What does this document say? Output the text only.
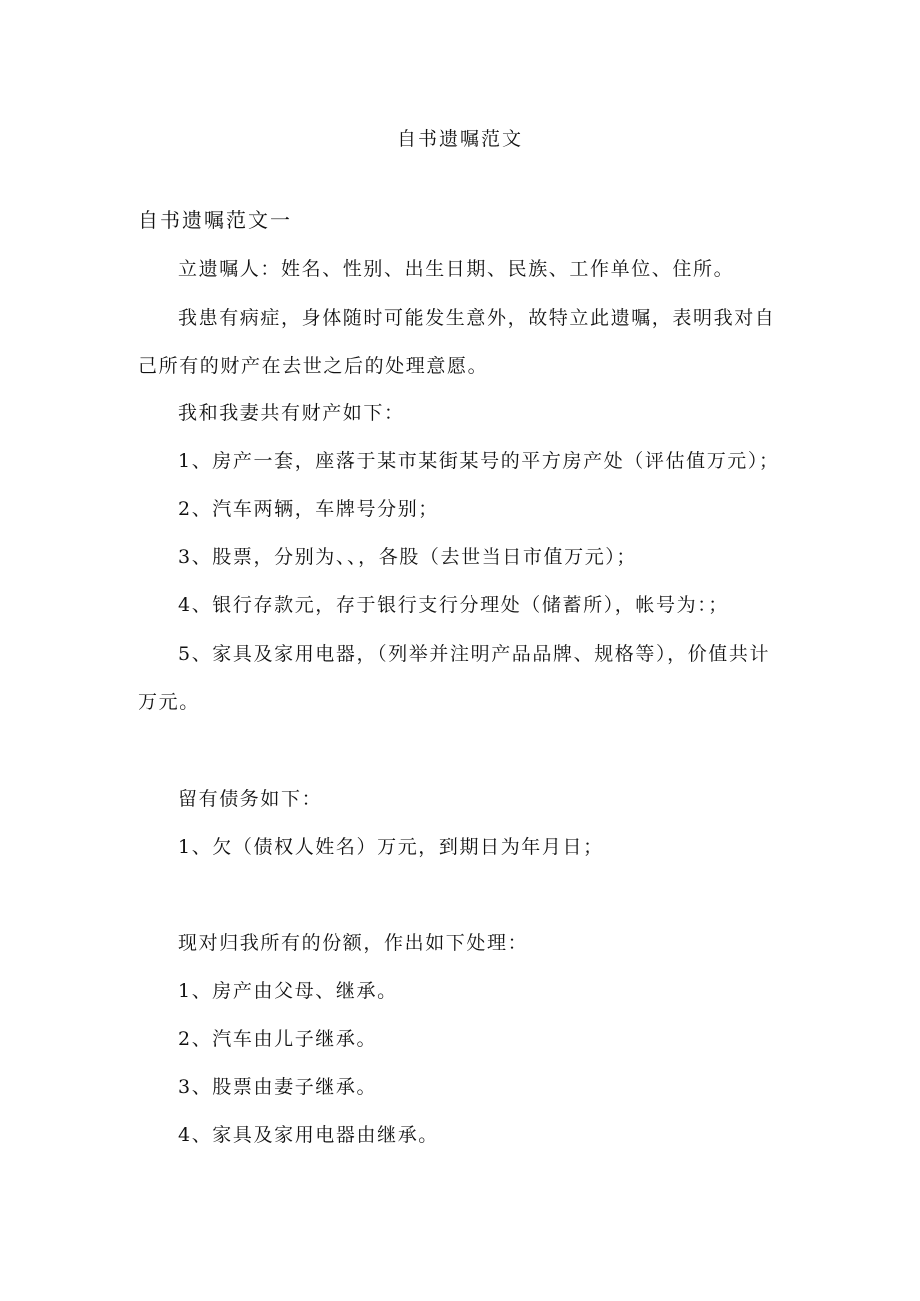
自书遗嘱范文
自书遗嘱范文一
立遗嘱人：姓名、性别、出生日期、民族、工作单位、住所。
我患有病症，身体随时可能发生意外，故特立此遗嘱，表明我对自己所有的财产在去世之后的处理意愿。
我和我妻共有财产如下：
1、房产一套，座落于某市某街某号的平方房产处（评估值万元）；
2、汽车两辆，车牌号分别；
3、股票，分别为、、，各股（去世当日市值万元）；
4、银行存款元，存于银行支行分理处（储蓄所），帐号为：；
5、家具及家用电器，（列举并注明产品品牌、规格等），价值共计万元。
留有债务如下：
1、欠（债权人姓名）万元，到期日为年月日；
现对归我所有的份额，作出如下处理：
1、房产由父母、继承。
2、汽车由儿子继承。
3、股票由妻子继承。
4、家具及家用电器由继承。
